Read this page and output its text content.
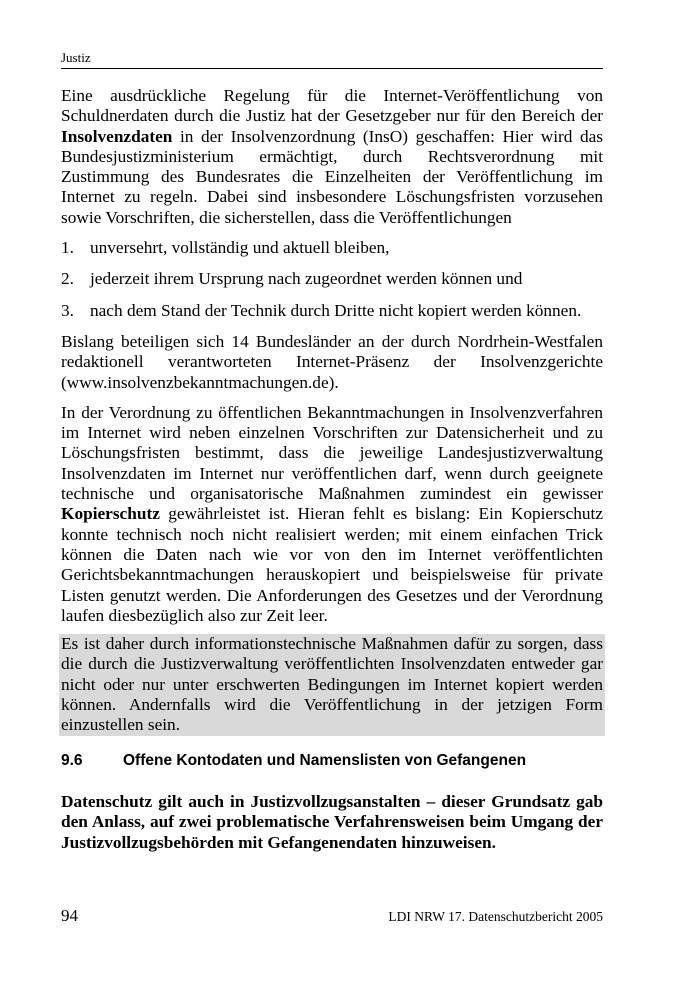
Justiz

Eine ausdrückliche Regelung für die Internet-Veröffentlichung von Schuldnerdaten durch die Justiz hat der Gesetzgeber nur für den Bereich der Insolvenzdaten in der Insolvenzordnung (InsO) geschaffen: Hier wird das Bundesjustizministerium ermächtigt, durch Rechtsverordnung mit Zustimmung des Bundesrates die Einzelheiten der Veröffentlichung im Internet zu regeln. Dabei sind insbesondere Löschungsfristen vorzusehen sowie Vorschriften, die sicherstellen, dass die Veröffentlichungen

1. unversehrt, vollständig und aktuell bleiben,
2. jederzeit ihrem Ursprung nach zugeordnet werden können und
3. nach dem Stand der Technik durch Dritte nicht kopiert werden können.

Bislang beteiligen sich 14 Bundesländer an der durch Nordrhein-Westfalen redaktionell verantworteten Internet-Präsenz der Insolvenzgerichte (www.insolvenzbekanntmachungen.de).

In der Verordnung zu öffentlichen Bekanntmachungen in Insolvenzverfahren im Internet wird neben einzelnen Vorschriften zur Datensicherheit und zu Löschungsfristen bestimmt, dass die jeweilige Landesjustizverwaltung Insolvenzdaten im Internet nur veröffentlichen darf, wenn durch geeignete technische und organisatorische Maßnahmen zumindest ein gewisser Kopierschutz gewährleistet ist. Hieran fehlt es bislang: Ein Kopierschutz konnte technisch noch nicht realisiert werden; mit einem einfachen Trick können die Daten nach wie vor von den im Internet veröffentlichten Gerichtsbekanntmachungen herauskopiert und beispielsweise für private Listen genutzt werden. Die Anforderungen des Gesetzes und der Verordnung laufen diesbezüglich also zur Zeit leer.

Es ist daher durch informationstechnische Maßnahmen dafür zu sorgen, dass die durch die Justizverwaltung veröffentlichten Insolvenzdaten entweder gar nicht oder nur unter erschwerten Bedingungen im Internet kopiert werden können. Andernfalls wird die Veröffentlichung in der jetzigen Form einzustellen sein.

9.6	Offene Kontodaten und Namenslisten von Gefangenen

Datenschutz gilt auch in Justizvollzugsanstalten – dieser Grundsatz gab den Anlass, auf zwei problematische Verfahrensweisen beim Umgang der Justizvollzugsbehörden mit Gefangenendaten hinzuweisen.

94	LDI NRW 17. Datenschutzbericht 2005
